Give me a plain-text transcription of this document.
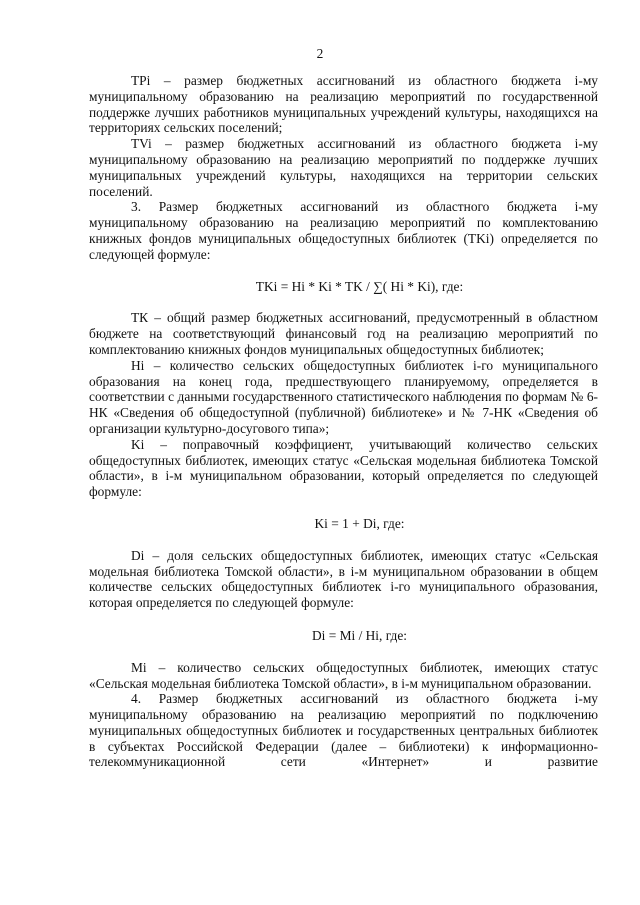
2

TPi – размер бюджетных ассигнований из областного бюджета i-му муниципальному образованию на реализацию мероприятий по государственной поддержке лучших работников муниципальных учреждений культуры, находящихся на территориях сельских поселений;

TVi – размер бюджетных ассигнований из областного бюджета i-му муниципальному образованию на реализацию мероприятий по поддержке лучших муниципальных учреждений культуры, находящихся на территории сельских поселений.

3. Размер бюджетных ассигнований из областного бюджета i-му муниципальному образованию на реализацию мероприятий по комплектованию книжных фондов муниципальных общедоступных библиотек (TKi) определяется по следующей формуле:

TKi = Hi * Ki * TK / ∑( Hi * Ki), где:

ТК – общий размер бюджетных ассигнований, предусмотренный в областном бюджете на соответствующий финансовый год на реализацию мероприятий по комплектованию книжных фондов муниципальных общедоступных библиотек;

Hi – количество сельских общедоступных библиотек i-го муниципального образования на конец года, предшествующего планируемому, определяется в соответствии с данными государственного статистического наблюдения по формам № 6-НК «Сведения об общедоступной (публичной) библиотеке» и № 7-НК «Сведения об организации культурно-досугового типа»;

Ki – поправочный коэффициент, учитывающий количество сельских общедоступных библиотек, имеющих статус «Сельская модельная библиотека Томской области», в i-м муниципальном образовании, который определяется по следующей формуле:

Ki = 1 + Di, где:

Di – доля сельских общедоступных библиотек, имеющих статус «Сельская модельная библиотека Томской области», в i-м муниципальном образовании в общем количестве сельских общедоступных библиотек i-го муниципального образования, которая определяется по следующей формуле:

Di = Mi / Hi, где:

Mi – количество сельских общедоступных библиотек, имеющих статус «Сельская модельная библиотека Томской области», в i-м муниципальном образовании.

4. Размер бюджетных ассигнований из областного бюджета i-му муниципальному образованию на реализацию мероприятий по подключению муниципальных общедоступных библиотек и государственных центральных библиотек в субъектах Российской Федерации (далее – библиотеки) к информационно-телекоммуникационной сети «Интернет» и развитие
